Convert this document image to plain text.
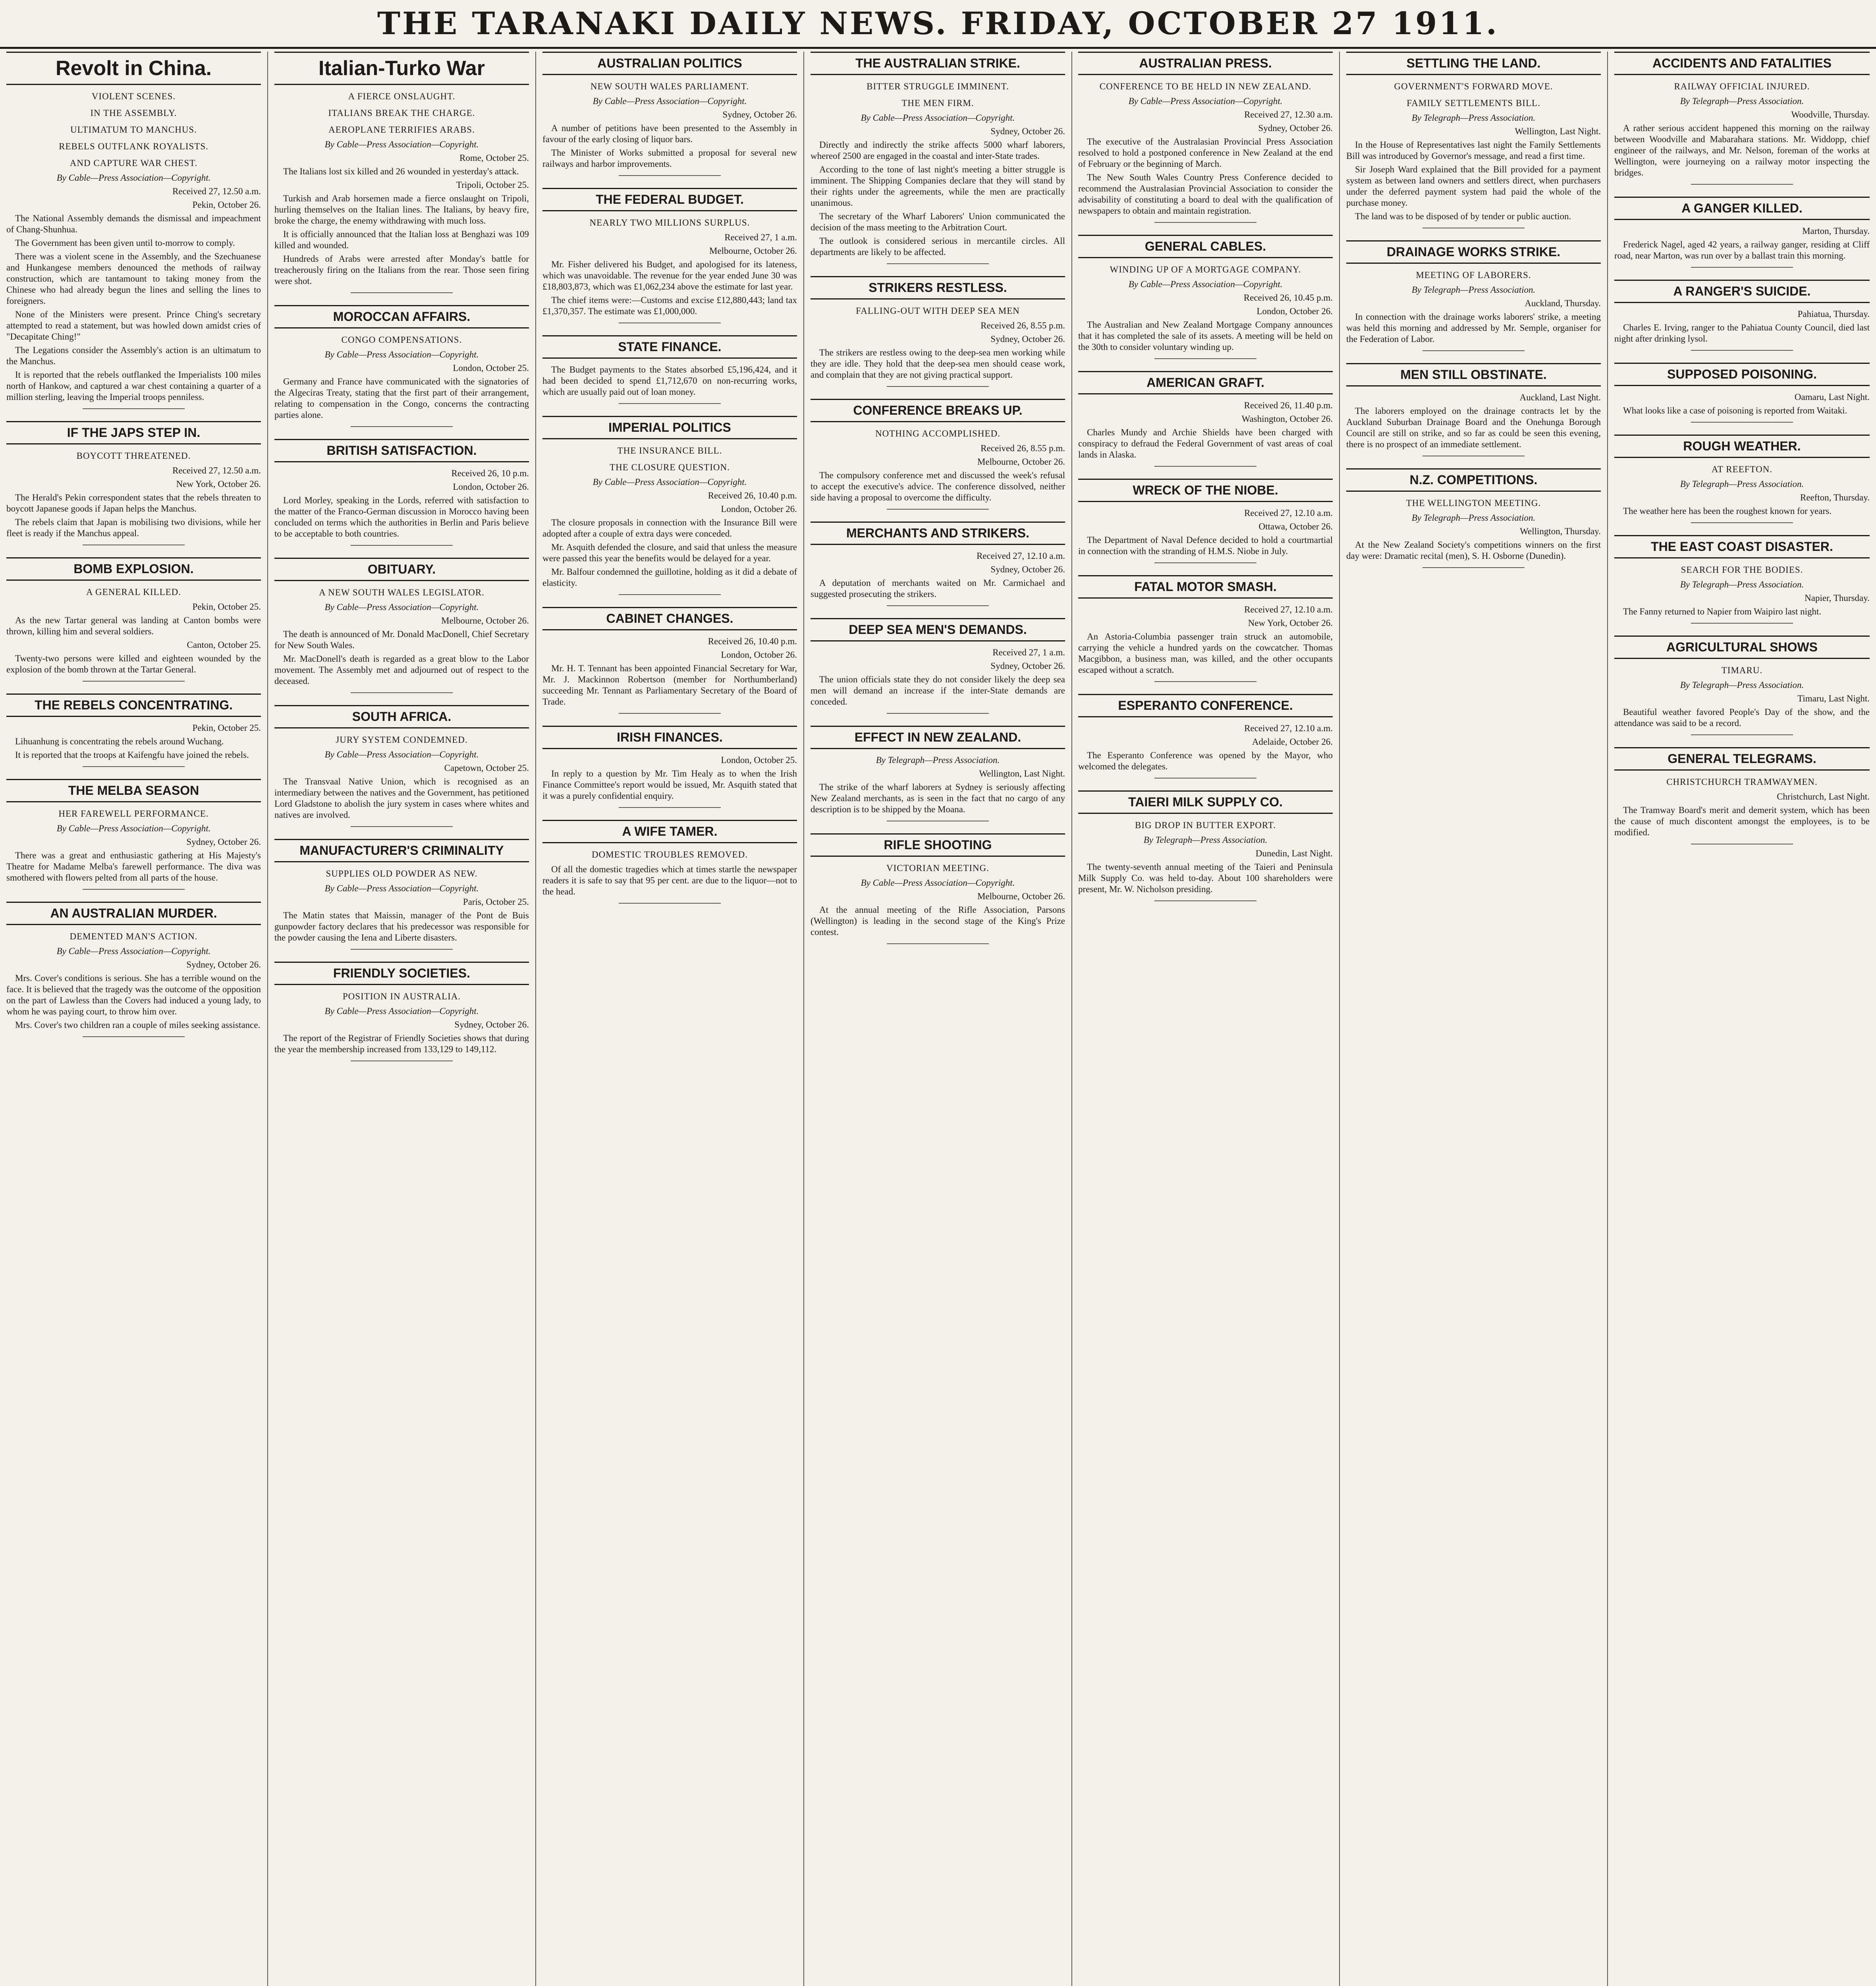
THE TARANAKI DAILY NEWS. FRIDAY, OCTOBER 27 1911.
Revolt in China.
VIOLENT SCENES.
IN THE ASSEMBLY.
ULTIMATUM TO MANCHUS.
REBELS OUTFLANK ROYALISTS.
AND CAPTURE WAR CHEST.

By Cable—Press Association—Copyright.

Received 27, 12.50 a.m.

Pekin, October 26.

The National Assembly demands the dismissal and impeachment of Chang-Shunhua.

The Government has been given until to-morrow to comply.

There was a violent scene in the Assembly, and the Szechuanese and Hunkangese members denounced the methods of railway construction, which are tantamount to taking money from the Chinese who had already begun the lines and selling the lines to foreigners.

None of the Ministers were present. Prince Ching's secretary attempted to read a statement, but was howled down amidst cries of "Decapitate Ching!"

The Legations consider the Assembly's action is an ultimatum to the Manchus.

It is reported that the rebels outflanked the Imperialists 100 miles north of Hankow, and captured a war chest containing a quarter of a million sterling, leaving the Imperial troops penniless.

IF THE JAPS STEP IN.
BOYCOTT THREATENED.

Received 27, 12.50 a.m.

New York, October 26.

The Herald's Pekin correspondent states that the rebels threaten to boycott Japanese goods if Japan helps the Manchus.

The rebels claim that Japan is mobilising two divisions, while her fleet is ready if the Manchus appeal.

BOMB EXPLOSION.
A GENERAL KILLED.

Pekin, October 25.

As the new Tartar general was landing at Canton bombs were thrown, killing him and several soldiers.

Canton, October 25.

Twenty-two persons were killed and eighteen wounded by the explosion of the bomb thrown at the Tartar General.

THE REBELS CONCENTRATING.

Pekin, October 25.

Lihuanhung is concentrating the rebels around Wuchang.

It is reported that the troops at Kaifengfu have joined the rebels.

THE MELBA SEASON
HER FAREWELL PERFORMANCE.

By Cable—Press Association—Copyright.

Sydney, October 26.

There was a great and enthusiastic gathering at His Majesty's Theatre for Madame Melba's farewell performance. The diva was smothered with flowers pelted from all parts of the house.

AN AUSTRALIAN MURDER.
DEMENTED MAN'S ACTION.

By Cable—Press Association—Copyright.

Sydney, October 26.

Mrs. Cover's conditions is serious. She has a terrible wound on the face. It is believed that the tragedy was the outcome of the opposition on the part of Lawless than the Covers had induced a young lady, to whom he was paying court, to throw him over.

Mrs. Cover's two children ran a couple of miles seeking assistance.

Italian-Turko War
A FIERCE ONSLAUGHT.
ITALIANS BREAK THE CHARGE.
AEROPLANE TERRIFIES ARABS.

By Cable—Press Association—Copyright.

Rome, October 25.

The Italians lost six killed and 26 wounded in yesterday's attack.

Tripoli, October 25.

Turkish and Arab horsemen made a fierce onslaught on Tripoli, hurling themselves on the Italian lines. The Italians, by heavy fire, broke the charge, the enemy withdrawing with much loss.

It is officially announced that the Italian loss at Benghazi was 109 killed and wounded.

Hundreds of Arabs were arrested after Monday's battle for treacherously firing on the Italians from the rear. Those seen firing were shot.

MOROCCAN AFFAIRS.
CONGO COMPENSATIONS.

By Cable—Press Association—Copyright.

London, October 25.

Germany and France have communicated with the signatories of the Algeciras Treaty, stating that the first part of their arrangement, relating to compensation in the Congo, concerns the contracting parties alone.

BRITISH SATISFACTION.

Received 26, 10 p.m.

London, October 26.

Lord Morley, speaking in the Lords, referred with satisfaction to the matter of the Franco-German discussion in Morocco having been concluded on terms which the authorities in Berlin and Paris believe to be acceptable to both countries.

OBITUARY.
A NEW SOUTH WALES LEGISLATOR.

By Cable—Press Association—Copyright.

Melbourne, October 26.

The death is announced of Mr. Donald MacDonell, Chief Secretary for New South Wales.

Mr. MacDonell's death is regarded as a great blow to the Labor movement. The Assembly met and adjourned out of respect to the deceased.

SOUTH AFRICA.
JURY SYSTEM CONDEMNED.

By Cable—Press Association—Copyright.

Capetown, October 25.

The Transvaal Native Union, which is recognised as an intermediary between the natives and the Government, has petitioned Lord Gladstone to abolish the jury system in cases where whites and natives are involved.

MANUFACTURER'S CRIMINALITY
SUPPLIES OLD POWDER AS NEW.

By Cable—Press Association—Copyright.

Paris, October 25.

The Matin states that Maissin, manager of the Pont de Buis gunpowder factory declares that his predecessor was responsible for the powder causing the Iena and Liberte disasters.

FRIENDLY SOCIETIES.
POSITION IN AUSTRALIA.

By Cable—Press Association—Copyright.

Sydney, October 26.

The report of the Registrar of Friendly Societies shows that during the year the membership increased from 133,129 to 149,112.

AUSTRALIAN POLITICS
NEW SOUTH WALES PARLIAMENT.

By Cable—Press Association—Copyright.

Sydney, October 26.

A number of petitions have been presented to the Assembly in favour of the early closing of liquor bars.

The Minister of Works submitted a proposal for several new railways and harbor improvements.

THE FEDERAL BUDGET.
NEARLY TWO MILLIONS SURPLUS.

Received 27, 1 a.m.

Melbourne, October 26.

Mr. Fisher delivered his Budget, and apologised for its lateness, which was unavoidable. The revenue for the year ended June 30 was £18,803,873, which was £1,062,234 above the estimate for last year.

The chief items were:—Customs and excise £12,880,443; land tax £1,370,357. The estimate was £1,000,000.

STATE FINANCE.

The Budget payments to the States absorbed £5,196,424, and it had been decided to spend £1,712,670 on non-recurring works, which are usually paid out of loan money.

IMPERIAL POLITICS
THE INSURANCE BILL.
THE CLOSURE QUESTION.

By Cable—Press Association—Copyright.

Received 26, 10.40 p.m.

London, October 26.

The closure proposals in connection with the Insurance Bill were adopted after a couple of extra days were conceded.

Mr. Asquith defended the closure, and said that unless the measure were passed this year the benefits would be delayed for a year.

Mr. Balfour condemned the guillotine, holding as it did a debate of elasticity.

CABINET CHANGES.

Received 26, 10.40 p.m.

London, October 26.

Mr. H. T. Tennant has been appointed Financial Secretary for War, Mr. J. Mackinnon Robertson (member for Northumberland) succeeding Mr. Tennant as Parliamentary Secretary of the Board of Trade.

IRISH FINANCES.

London, October 25.

In reply to a question by Mr. Tim Healy as to when the Irish Finance Committee's report would be issued, Mr. Asquith stated that it was a purely confidential enquiry.

A WIFE TAMER.
DOMESTIC TROUBLES REMOVED.

Of all the domestic tragedies which at times startle the newspaper readers it is safe to say that 95 per cent. are due to the liquor—not to the head.

THE AUSTRALIAN STRIKE.
BITTER STRUGGLE IMMINENT.
THE MEN FIRM.

By Cable—Press Association—Copyright.

Sydney, October 26.

Directly and indirectly the strike affects 5000 wharf laborers, whereof 2500 are engaged in the coastal and inter-State trades.

According to the tone of last night's meeting a bitter struggle is imminent. The Shipping Companies declare that they will stand by their rights under the agreements, while the men are practically unanimous.

The secretary of the Wharf Laborers' Union communicated the decision of the mass meeting to the Arbitration Court.

The outlook is considered serious in mercantile circles. All departments are likely to be affected.

STRIKERS RESTLESS.
FALLING-OUT WITH DEEP SEA MEN

Received 26, 8.55 p.m.

Sydney, October 26.

The strikers are restless owing to the deep-sea men working while they are idle. They hold that the deep-sea men should cease work, and complain that they are not giving practical support.

CONFERENCE BREAKS UP.
NOTHING ACCOMPLISHED.

Received 26, 8.55 p.m.

Melbourne, October 26.

The compulsory conference met and discussed the week's refusal to accept the executive's advice. The conference dissolved, neither side having a proposal to overcome the difficulty.

MERCHANTS AND STRIKERS.

Received 27, 12.10 a.m.

Sydney, October 26.

A deputation of merchants waited on Mr. Carmichael and suggested prosecuting the strikers.

DEEP SEA MEN'S DEMANDS.

Received 27, 1 a.m.

Sydney, October 26.

The union officials state they do not consider likely the deep sea men will demand an increase if the inter-State demands are conceded.

EFFECT IN NEW ZEALAND.

By Telegraph—Press Association.

Wellington, Last Night.

The strike of the wharf laborers at Sydney is seriously affecting New Zealand merchants, as is seen in the fact that no cargo of any description is to be shipped by the Moana.

RIFLE SHOOTING
VICTORIAN MEETING.

By Cable—Press Association—Copyright.

Melbourne, October 26.

At the annual meeting of the Rifle Association, Parsons (Wellington) is leading in the second stage of the King's Prize contest.

AUSTRALIAN PRESS.
CONFERENCE TO BE HELD IN NEW ZEALAND.

By Cable—Press Association—Copyright.

Received 27, 12.30 a.m.

Sydney, October 26.

The executive of the Australasian Provincial Press Association resolved to hold a postponed conference in New Zealand at the end of February or the beginning of March.

The New South Wales Country Press Conference decided to recommend the Australasian Provincial Association to consider the advisability of constituting a board to deal with the qualification of newspapers to obtain and maintain registration.

GENERAL CABLES.
WINDING UP OF A MORTGAGE COMPANY.

By Cable—Press Association—Copyright.

Received 26, 10.45 p.m.

London, October 26.

The Australian and New Zealand Mortgage Company announces that it has completed the sale of its assets. A meeting will be held on the 30th to consider voluntary winding up.

AMERICAN GRAFT.

Received 26, 11.40 p.m.

Washington, October 26.

Charles Mundy and Archie Shields have been charged with conspiracy to defraud the Federal Government of vast areas of coal lands in Alaska.

WRECK OF THE NIOBE.

Received 27, 12.10 a.m.

Ottawa, October 26.

The Department of Naval Defence decided to hold a courtmartial in connection with the stranding of H.M.S. Niobe in July.

FATAL MOTOR SMASH.

Received 27, 12.10 a.m.

New York, October 26.

An Astoria-Columbia passenger train struck an automobile, carrying the vehicle a hundred yards on the cowcatcher. Thomas Macgibbon, a business man, was killed, and the other occupants escaped without a scratch.

ESPERANTO CONFERENCE.

Received 27, 12.10 a.m.

Adelaide, October 26.

The Esperanto Conference was opened by the Mayor, who welcomed the delegates.

TAIERI MILK SUPPLY CO.
BIG DROP IN BUTTER EXPORT.

By Telegraph—Press Association.

Dunedin, Last Night.

The twenty-seventh annual meeting of the Taieri and Peninsula Milk Supply Co. was held to-day. About 100 shareholders were present, Mr. W. Nicholson presiding.

SETTLING THE LAND.
GOVERNMENT'S FORWARD MOVE.
FAMILY SETTLEMENTS BILL.

By Telegraph—Press Association.

Wellington, Last Night.

In the House of Representatives last night the Family Settlements Bill was introduced by Governor's message, and read a first time.

Sir Joseph Ward explained that the Bill provided for a payment system as between land owners and settlers direct, when purchasers under the deferred payment system had paid the whole of the purchase money.

The land was to be disposed of by tender or public auction.

DRAINAGE WORKS STRIKE.
MEETING OF LABORERS.

By Telegraph—Press Association.

Auckland, Thursday.

In connection with the drainage works laborers' strike, a meeting was held this morning and addressed by Mr. Semple, organiser for the Federation of Labor.

MEN STILL OBSTINATE.

Auckland, Last Night.

The laborers employed on the drainage contracts let by the Auckland Suburban Drainage Board and the Onehunga Borough Council are still on strike, and so far as could be seen this evening, there is no prospect of an immediate settlement.

N.Z. COMPETITIONS.
THE WELLINGTON MEETING.

By Telegraph—Press Association.

Wellington, Thursday.

At the New Zealand Society's competitions winners on the first day were: Dramatic recital (men), S. H. Osborne (Dunedin).

ACCIDENTS AND FATALITIES
RAILWAY OFFICIAL INJURED.

By Telegraph—Press Association.

Woodville, Thursday.

A rather serious accident happened this morning on the railway between Woodville and Mabarahara stations. Mr. Widdopp, chief engineer of the railways, and Mr. Nelson, foreman of the works at Wellington, were journeying on a railway motor inspecting the bridges.

A GANGER KILLED.

Marton, Thursday.

Frederick Nagel, aged 42 years, a railway ganger, residing at Cliff road, near Marton, was run over by a ballast train this morning.

A RANGER'S SUICIDE.

Pahiatua, Thursday.

Charles E. Irving, ranger to the Pahiatua County Council, died last night after drinking lysol.

SUPPOSED POISONING.

Oamaru, Last Night.

What looks like a case of poisoning is reported from Waitaki.

ROUGH WEATHER.
AT REEFTON.

By Telegraph—Press Association.

Reefton, Thursday.

The weather here has been the roughest known for years.

THE EAST COAST DISASTER.
SEARCH FOR THE BODIES.

By Telegraph—Press Association.

Napier, Thursday.

The Fanny returned to Napier from Waipiro last night.

AGRICULTURAL SHOWS
TIMARU.

By Telegraph—Press Association.

Timaru, Last Night.

Beautiful weather favored People's Day of the show, and the attendance was said to be a record.

GENERAL TELEGRAMS.
CHRISTCHURCH TRAMWAYMEN.

Christchurch, Last Night.

The Tramway Board's merit and demerit system, which has been the cause of much discontent amongst the employees, is to be modified.
